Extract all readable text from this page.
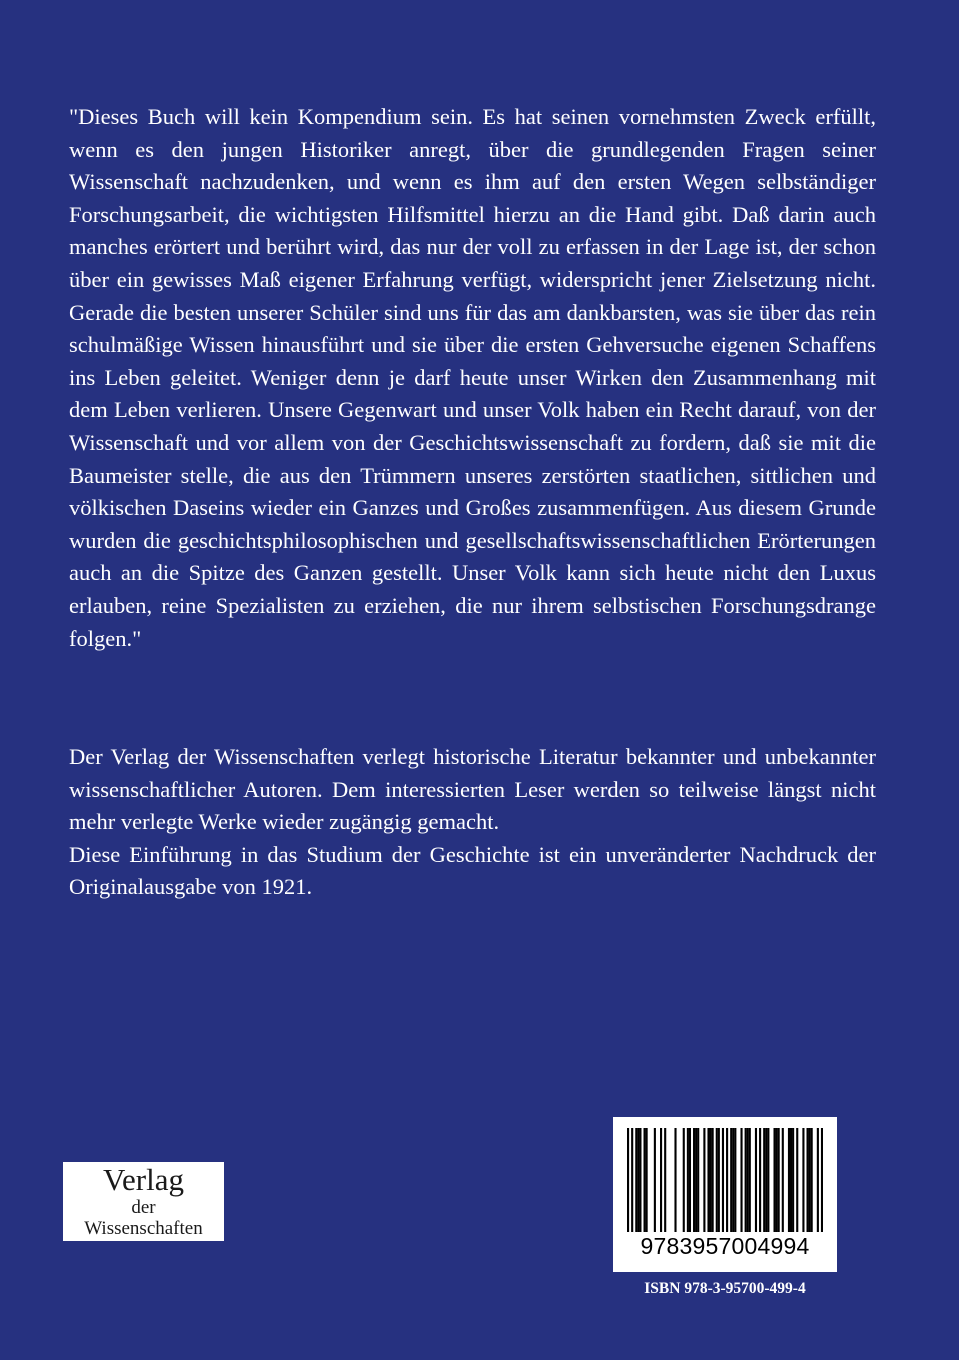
"Dieses Buch will kein Kompendium sein. Es hat seinen vornehmsten Zweck erfüllt, wenn es den jungen Historiker anregt, über die grundlegenden Fragen seiner Wissenschaft nachzudenken, und wenn es ihm auf den ersten Wegen selbständiger Forschungsarbeit, die wichtigsten Hilfsmittel hierzu an die Hand gibt. Daß darin auch manches erörtert und berührt wird, das nur der voll zu erfassen in der Lage ist, der schon über ein gewisses Maß eigener Erfahrung verfügt, widerspricht jener Zielsetzung nicht. Gerade die besten unserer Schüler sind uns für das am dankbarsten, was sie über das rein schulmäßige Wissen hinausführt und sie über die ersten Gehversuche eigenen Schaffens ins Leben geleitet. Weniger denn je darf heute unser Wirken den Zusammenhang mit dem Leben verlieren. Unsere Gegenwart und unser Volk haben ein Recht darauf, von der Wissenschaft und vor allem von der Geschichtswissenschaft zu fordern, daß sie mit die Baumeister stelle, die aus den Trümmern unseres zerstörten staatlichen, sittlichen und völkischen Daseins wieder ein Ganzes und Großes zusammenfügen. Aus diesem Grunde wurden die geschichtsphilosophischen und gesellschaftswissenschaftlichen Erörterungen auch an die Spitze des Ganzen gestellt. Unser Volk kann sich heute nicht den Luxus erlauben, reine Spezialisten zu erziehen, die nur ihrem selbstischen Forschungsdrange folgen."

Der Verlag der Wissenschaften verlegt historische Literatur bekannter und unbekannter wissenschaftlicher Autoren. Dem interessierten Leser werden so teilweise längst nicht mehr verlegte Werke wieder zugängig gemacht.

Diese Einführung in das Studium der Geschichte ist ein unveränderter Nachdruck der Originalausgabe von 1921.

Verlag
der
Wissenschaften
9783957004994
ISBN 978-3-95700-499-4
